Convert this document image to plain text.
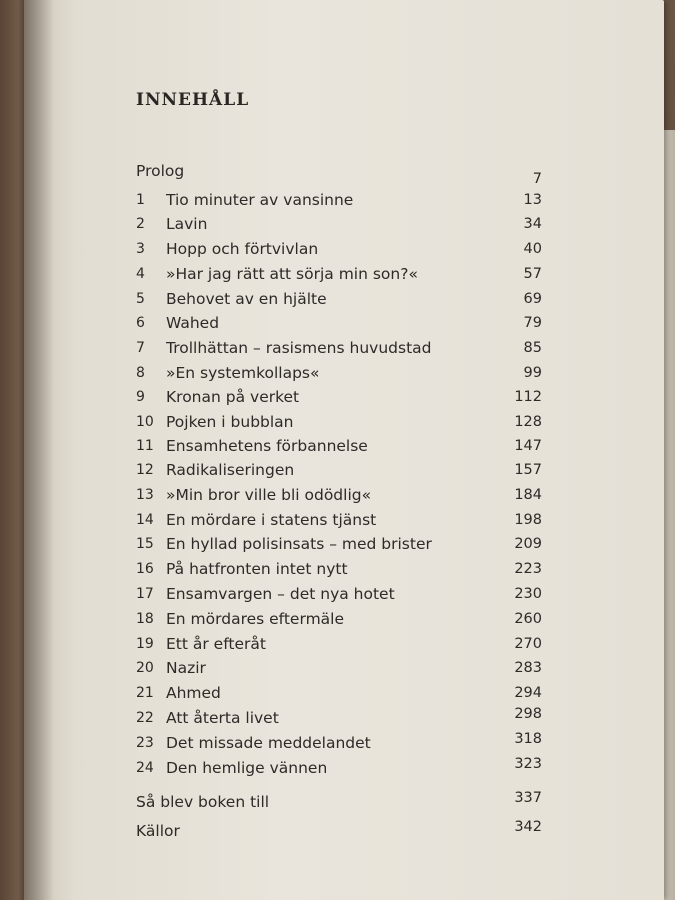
INNEHÅLL
Prolog	7
1	Tio minuter av vansinne	13
2	Lavin	34
3	Hopp och förtvivlan	40
4	»Har jag rätt att sörja min son?«	57
5	Behovet av en hjälte	69
6	Wahed	79
7	Trollhättan – rasismens huvudstad	85
8	»En systemkollaps«	99
9	Kronan på verket	112
10 Pojken i bubblan	128
11 Ensamhetens förbannelse	147
12 Radikaliseringen	157
13 »Min bror ville bli odödlig«	184
14 En mördare i statens tjänst	198
15 En hyllad polisinsats – med brister	209
16 På hatfronten intet nytt	223
17 Ensamvargen – det nya hotet	230
18 En mördares eftermäle	260
19 Ett år efteråt	270
20 Nazir	283
21 Ahmed	294
22 Att återta livet	298
23 Det missade meddelandet	318
24 Den hemlige vännen	323
Så blev boken till	337
Källor	342
